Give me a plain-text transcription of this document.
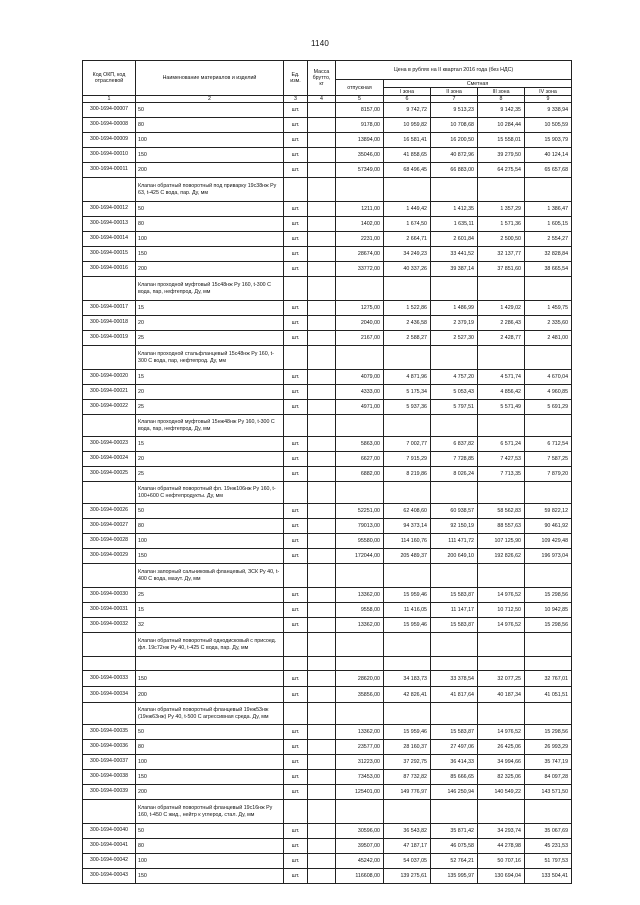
1140
Код ОКП, код отраслевой	Наименование материалов и изделий	Ед. изм.	Масса брутто, кг	Цена в рублях на II квартал 2016 года (без НДС)				
				отпускная	Сметная			
					I зона	II зона	III зона	IV зона
1	2	3	4	5	6	7	8	9
300-1694-00007	50	шт.		8157,00	9 742,72	9 513,23	9 142,35	9 338,94
300-1694-00008	80	шт.		9178,00	10 959,82	10 708,68	10 284,44	10 505,59
300-1694-00009	100	шт.		13894,00	16 581,41	16 200,50	15 558,01	15 903,79
300-1694-00010	150	шт.		35046,00	41 858,65	40 872,96	39 279,50	40 124,14
300-1694-00011	200	шт.		57349,00	68 496,45	66 883,00	64 275,54	65 657,68
	Клапан обратный поворотный под приварку 19с38нж Ру 63, t-425 С вода, пар. Ду, мм							
300-1694-00012	50	шт.		1211,00	1 449,42	1 412,35	1 357,29	1 386,47
300-1694-00013	80	шт.		1402,00	1 674,50	1 635,11	1 571,36	1 605,15
300-1694-00014	100	шт.		2231,00	2 664,71	2 601,84	2 500,50	2 554,27
300-1694-00015	150	шт.		28674,00	34 249,23	33 441,52	32 137,77	32 828,84
300-1694-00016	200	шт.		33772,00	40 337,26	39 387,14	37 851,60	38 665,54
	Клапан проходной муфтовый 15с48нж Ру 160, t-300 С вода, пар, нефтепрод. Ду, мм							
300-1694-00017	15	шт.		1275,00	1 522,86	1 486,99	1 429,02	1 459,75
300-1694-00018	20	шт.		2040,00	2 436,58	2 379,19	2 286,43	2 335,60
300-1694-00019	25	шт.		2167,00	2 588,27	2 527,30	2 428,77	2 481,00
	Клапан проходной стальфланцевый 15с48нж Ру 160, t-300 С вода, пар, нефтепрод. Ду, мм							
300-1694-00020	15	шт.		4079,00	4 871,96	4 757,20	4 571,74	4 670,04
300-1694-00021	20	шт.		4333,00	5 175,34	5 053,43	4 856,42	4 960,85
300-1694-00022	25	шт.		4971,00	5 937,36	5 797,51	5 571,49	5 691,29
	Клапан проходной муфтовый 15нж48нж Ру 160, t-300 С вода, пар, нефтепрод. Ду, мм							
300-1694-00023	15	шт.		5863,00	7 002,77	6 837,82	6 571,24	6 712,54
300-1694-00024	20	шт.		6627,00	7 915,29	7 728,85	7 427,53	7 587,25
300-1694-00025	25	шт.		6882,00	8 219,86	8 026,24	7 713,35	7 879,20
	Клапан обратный поворотный фл. 19нж106нж Ру 160, t-100+600 С нефтепродукты. Ду, мм							
300-1694-00026	50	шт.		52251,00	62 408,60	60 938,57	58 562,83	59 822,12
300-1694-00027	80	шт.		79013,00	94 373,14	92 150,19	88 557,63	90 461,92
300-1694-00028	100	шт.		95580,00	114 160,76	111 471,72	107 125,90	109 429,48
300-1694-00029	150	шт.		172044,00	205 489,37	200 649,10	192 826,62	196 973,04
	Клапан запорный сальниковый фланцевый, ЗСК Ру 40, t-400 С вода, мазут. Ду, мм							
300-1694-00030	25	шт.		13362,00	15 959,46	15 583,87	14 976,52	15 298,56
300-1694-00031	15	шт.		9558,00	11 416,05	11 147,17	10 712,50	10 942,85
300-1694-00032	32	шт.		13362,00	15 959,46	15 583,87	14 976,52	15 298,56
	Клапан обратный поворотный однодисковый с присоед. фл. 19с72нж Ру 40, t-425 С вода, пар. Ду, мм							

300-1694-00033	150	шт.		28620,00	34 183,73	33 378,54	32 077,25	32 767,01
300-1694-00034	200	шт.		35856,00	42 826,41	41 817,64	40 187,34	41 051,51
	Клапан обратный поворотный фланцевый 19нж53нж (19нж63нж) Ру 40, t-500 С агрессивная среда. Ду, мм							
300-1694-00035	50	шт.		13362,00	15 959,46	15 583,87	14 976,52	15 298,56
300-1694-00036	80	шт.		23577,00	28 160,37	27 497,06	26 425,06	26 993,29
300-1694-00037	100	шт.		31223,00	37 292,75	36 414,33	34 994,66	35 747,19
300-1694-00038	150	шт.		73453,00	87 732,82	85 666,65	82 325,06	84 097,28
300-1694-00039	200	шт.		125401,00	149 776,97	146 250,94	140 549,22	143 571,50
	Клапан обратный поворотный фланцевый 19с16нж Ру 160, t-450 С жид., нейтр к углерод. стал. Ду, мм							
300-1694-00040	50	шт.		30596,00	36 543,82	35 871,42	34 293,74	35 067,69
300-1694-00041	80	шт.		39507,00	47 187,17	46 075,58	44 278,98	45 231,53
300-1694-00042	100	шт.		45242,00	54 037,05	52 764,21	50 707,16	51 797,53
300-1694-00043	150	шт.		116608,00	139 275,61	135 995,97	130 694,04	133 504,41
